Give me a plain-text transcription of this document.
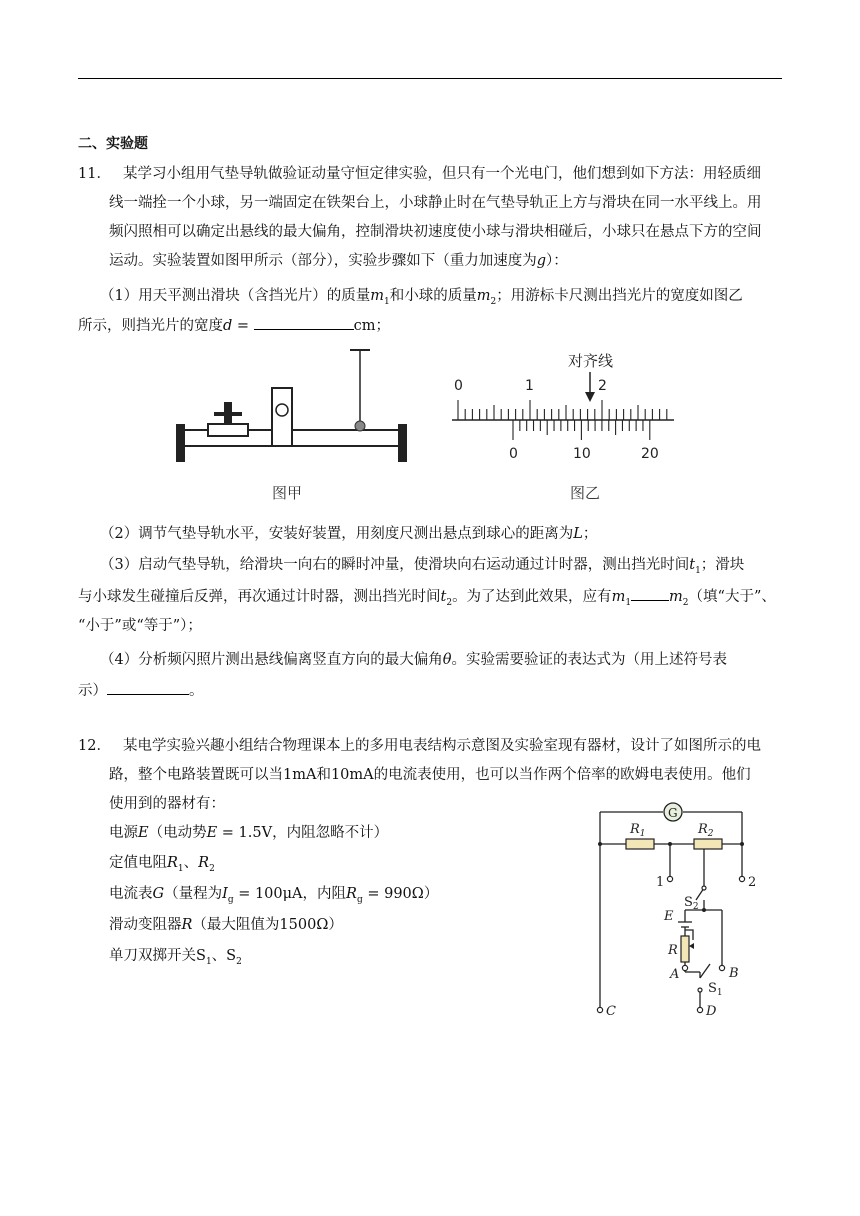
二、实验题
11． 某学习小组用气垫导轨做验证动量守恒定律实验，但只有一个光电门，他们想到如下方法：用轻质细
线一端拴一个小球，另一端固定在铁架台上，小球静止时在气垫导轨正上方与滑块在同一水平线上。用
频闪照相可以确定出悬线的最大偏角，控制滑块初速度使小球与滑块相碰后，小球只在悬点下方的空间
运动。实验装置如图甲所示（部分），实验步骤如下（重力加速度为g）：
（1）用天平测出滑块（含挡光片）的质量$m_1$和小球的质量$m_2$；用游标卡尺测出挡光片的宽度如图乙
所示，则挡光片的宽度d =	cm；
图甲
对齐线
0	1	2
0	10	20
图乙
（2）调节气垫导轨水平，安装好装置，用刻度尺测出悬点到球心的距离为L；
（3）启动气垫导轨，给滑块一向右的瞬时冲量，使滑块向右运动通过计时器，测出挡光时间$t_1$；滑块
与小球发生碰撞后反弹，再次通过计时器，测出挡光时间$t_2$。为了达到此效果，应有$m_1$	$m_2$（填“大于”、
“小于”或“等于”）；
（4）分析频闪照片测出悬线偏离竖直方向的最大偏角θ。实验需要验证的表达式为（用上述符号表
示）	。
12． 某电学实验兴趣小组结合物理课本上的多用电表结构示意图及实验室现有器材，设计了如图所示的电
路，整个电路装置既可以当1mA和10mA的电流表使用，也可以当作两个倍率的欧姆电表使用。他们
使用到的器材有：
电源E（电动势E = 1.5V，内阻忽略不计）
定值电阻$R_1$、$R_2$
电流表G（量程为$I_g = 100\mu A$，内阻$R_g = 990\Omega$）
滑动变阻器R（最大阻值为1500Ω）
单刀双掷开关$S_1$、$S_2$
G
$R_1$	$R_2$
1	2
$S_2$
E
R
A	B
$S_1$
C	D
